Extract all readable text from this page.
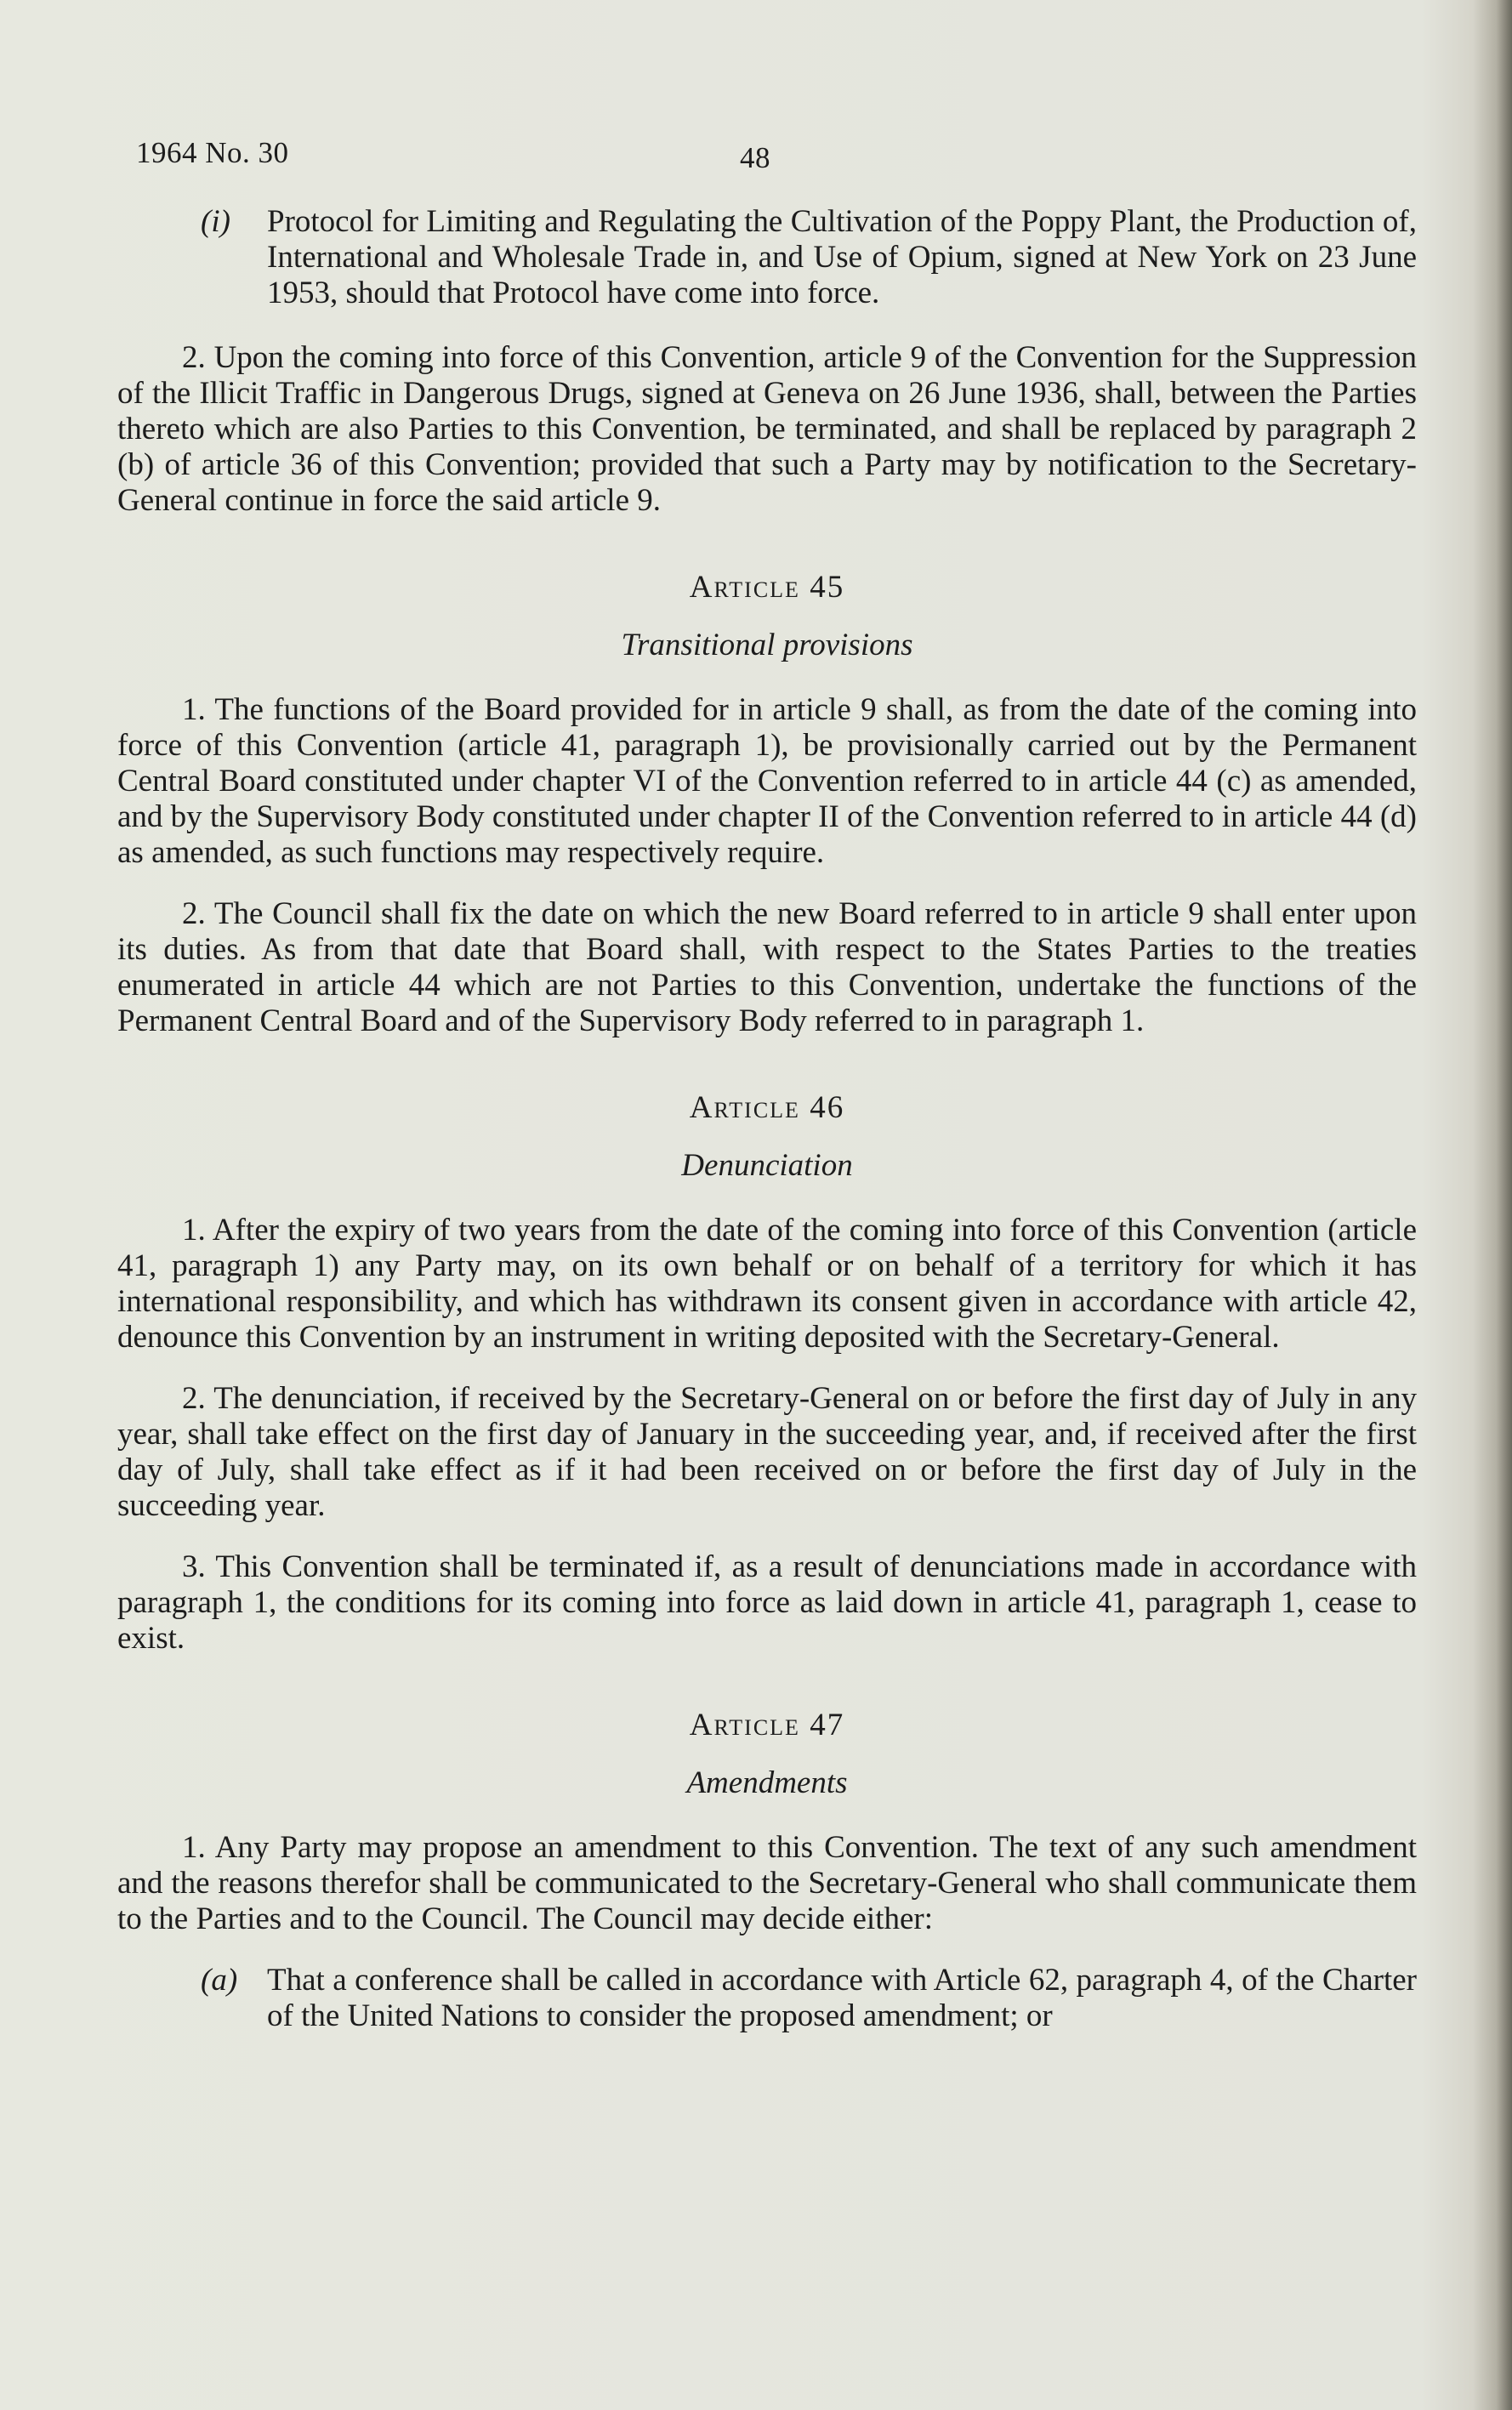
1964 No. 30	48

(i) Protocol for Limiting and Regulating the Cultivation of the Poppy Plant, the Production of, International and Wholesale Trade in, and Use of Opium, signed at New York on 23 June 1953, should that Protocol have come into force.

2. Upon the coming into force of this Convention, article 9 of the Convention for the Suppression of the Illicit Traffic in Dangerous Drugs, signed at Geneva on 26 June 1936, shall, between the Parties thereto which are also Parties to this Convention, be terminated, and shall be replaced by paragraph 2 (b) of article 36 of this Convention; provided that such a Party may by notification to the Secretary-General continue in force the said article 9.

Article 45
Transitional provisions

1. The functions of the Board provided for in article 9 shall, as from the date of the coming into force of this Convention (article 41, paragraph 1), be provisionally carried out by the Permanent Central Board constituted under chapter VI of the Convention referred to in article 44 (c) as amended, and by the Supervisory Body constituted under chapter II of the Convention referred to in article 44 (d) as amended, as such functions may respectively require.

2. The Council shall fix the date on which the new Board referred to in article 9 shall enter upon its duties. As from that date that Board shall, with respect to the States Parties to the treaties enumerated in article 44 which are not Parties to this Convention, undertake the functions of the Permanent Central Board and of the Supervisory Body referred to in paragraph 1.

Article 46
Denunciation

1. After the expiry of two years from the date of the coming into force of this Convention (article 41, paragraph 1) any Party may, on its own behalf or on behalf of a territory for which it has international responsibility, and which has withdrawn its consent given in accordance with article 42, denounce this Convention by an instrument in writing deposited with the Secretary-General.

2. The denunciation, if received by the Secretary-General on or before the first day of July in any year, shall take effect on the first day of January in the succeeding year, and, if received after the first day of July, shall take effect as if it had been received on or before the first day of July in the succeeding year.

3. This Convention shall be terminated if, as a result of denunciations made in accordance with paragraph 1, the conditions for its coming into force as laid down in article 41, paragraph 1, cease to exist.

Article 47
Amendments

1. Any Party may propose an amendment to this Convention. The text of any such amendment and the reasons therefor shall be communicated to the Secretary-General who shall communicate them to the Parties and to the Council. The Council may decide either:

(a) That a conference shall be called in accordance with Article 62, paragraph 4, of the Charter of the United Nations to consider the proposed amendment; or
